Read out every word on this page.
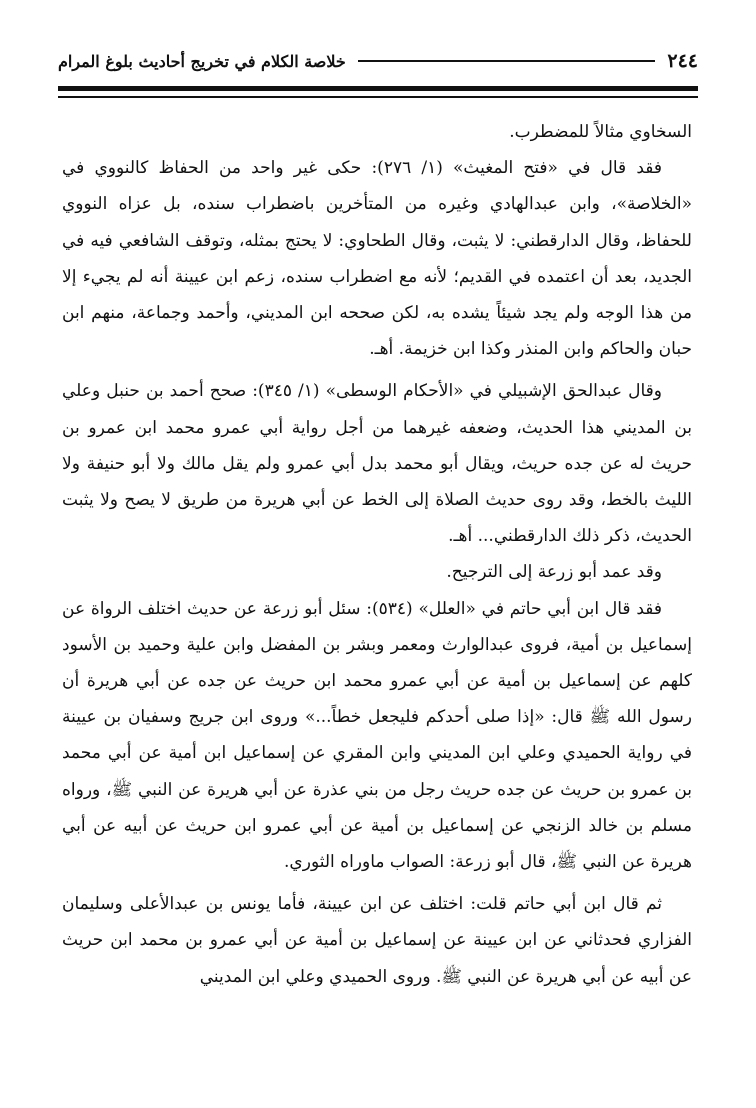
٢٤٤
خلاصة الكلام في تخريج أحاديث بلوغ المرام

السخاوي مثالاً للمضطرب.

فقد قال في «فتح المغيث» (١/ ٢٧٦): حكى غير واحد من الحفاظ كالنووي في «الخلاصة»، وابن عبدالهادي وغيره من المتأخرين باضطراب سنده، بل عزاه النووي للحفاظ، وقال الدارقطني: لا يثبت، وقال الطحاوي: لا يحتج بمثله، وتوقف الشافعي فيه في الجديد، بعد أن اعتمده في القديم؛ لأنه مع اضطراب سنده، زعم ابن عيينة أنه لم يجيء إلا من هذا الوجه ولم يجد شيئاً يشده به، لكن صححه ابن المديني، وأحمد وجماعة، منهم ابن حبان والحاكم وابن المنذر وكذا ابن خزيمة. أهـ.

وقال عبدالحق الإشبيلي في «الأحكام الوسطى» (١/ ٣٤٥): صحح أحمد بن حنبل وعلي بن المديني هذا الحديث، وضعفه غيرهما من أجل رواية أبي عمرو محمد ابن عمرو بن حريث له عن جده حريث، ويقال أبو محمد بدل أبي عمرو ولم يقل مالك ولا أبو حنيفة ولا الليث بالخط، وقد روى حديث الصلاة إلى الخط عن أبي هريرة من طريق لا يصح ولا يثبت الحديث، ذكر ذلك الدارقطني... أهـ.

وقد عمد أبو زرعة إلى الترجيح.

فقد قال ابن أبي حاتم في «العلل» (٥٣٤): سئل أبو زرعة عن حديث اختلف الرواة عن إسماعيل بن أمية، فروى عبدالوارث ومعمر وبشر بن المفضل وابن علية وحميد بن الأسود كلهم عن إسماعيل بن أمية عن أبي عمرو محمد ابن حريث عن جده عن أبي هريرة أن رسول الله ﷺ قال: «إذا صلى أحدكم فليجعل خطاً...» وروى ابن جريج وسفيان بن عيينة في رواية الحميدي وعلي ابن المديني وابن المقري عن إسماعيل ابن أمية عن أبي محمد بن عمرو بن حريث عن جده حريث رجل من بني عذرة عن أبي هريرة عن النبي ﷺ، ورواه مسلم بن خالد الزنجي عن إسماعيل بن أمية عن أبي عمرو ابن حريث عن أبيه عن أبي هريرة عن النبي ﷺ، قال أبو زرعة: الصواب ماوراه الثوري.

ثم قال ابن أبي حاتم قلت: اختلف عن ابن عيينة، فأما يونس بن عبدالأعلى وسليمان الفزاري فحدثاني عن ابن عيينة عن إسماعيل بن أمية عن أبي عمرو بن محمد ابن حريث عن أبيه عن أبي هريرة عن النبي ﷺ. وروى الحميدي وعلي ابن المديني
